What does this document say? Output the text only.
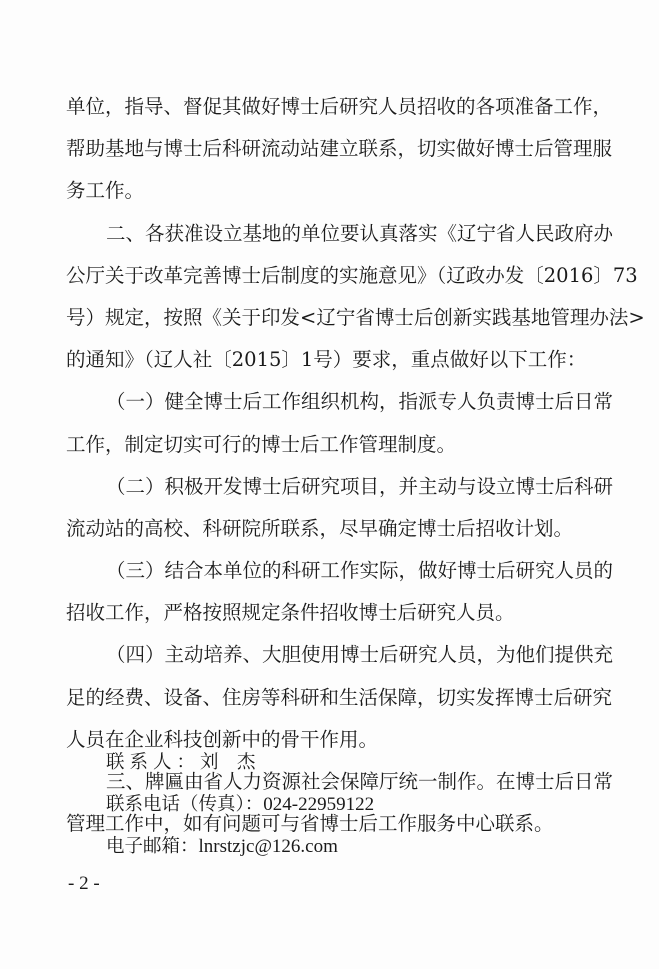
单位，指导、督促其做好博士后研究人员招收的各项准备工作，
帮助基地与博士后科研流动站建立联系，切实做好博士后管理服
务工作。
二、各获准设立基地的单位要认真落实《辽宁省人民政府办
公厅关于改革完善博士后制度的实施意见》（辽政办发〔2016〕73
号）规定，按照《关于印发<辽宁省博士后创新实践基地管理办法>
的通知》（辽人社〔2015〕1号）要求，重点做好以下工作：
（一）健全博士后工作组织机构，指派专人负责博士后日常
工作，制定切实可行的博士后工作管理制度。
（二）积极开发博士后研究项目，并主动与设立博士后科研
流动站的高校、科研院所联系，尽早确定博士后招收计划。
（三）结合本单位的科研工作实际，做好博士后研究人员的
招收工作，严格按照规定条件招收博士后研究人员。
（四）主动培养、大胆使用博士后研究人员，为他们提供充
足的经费、设备、住房等科研和生活保障，切实发挥博士后研究
人员在企业科技创新中的骨干作用。
三、牌匾由省人力资源社会保障厅统一制作。在博士后日常
管理工作中，如有问题可与省博士后工作服务中心联系。
联系人：刘　杰
联系电话（传真）：024-22959122
电子邮箱：lnrstzjc@126.com
- 2 -
